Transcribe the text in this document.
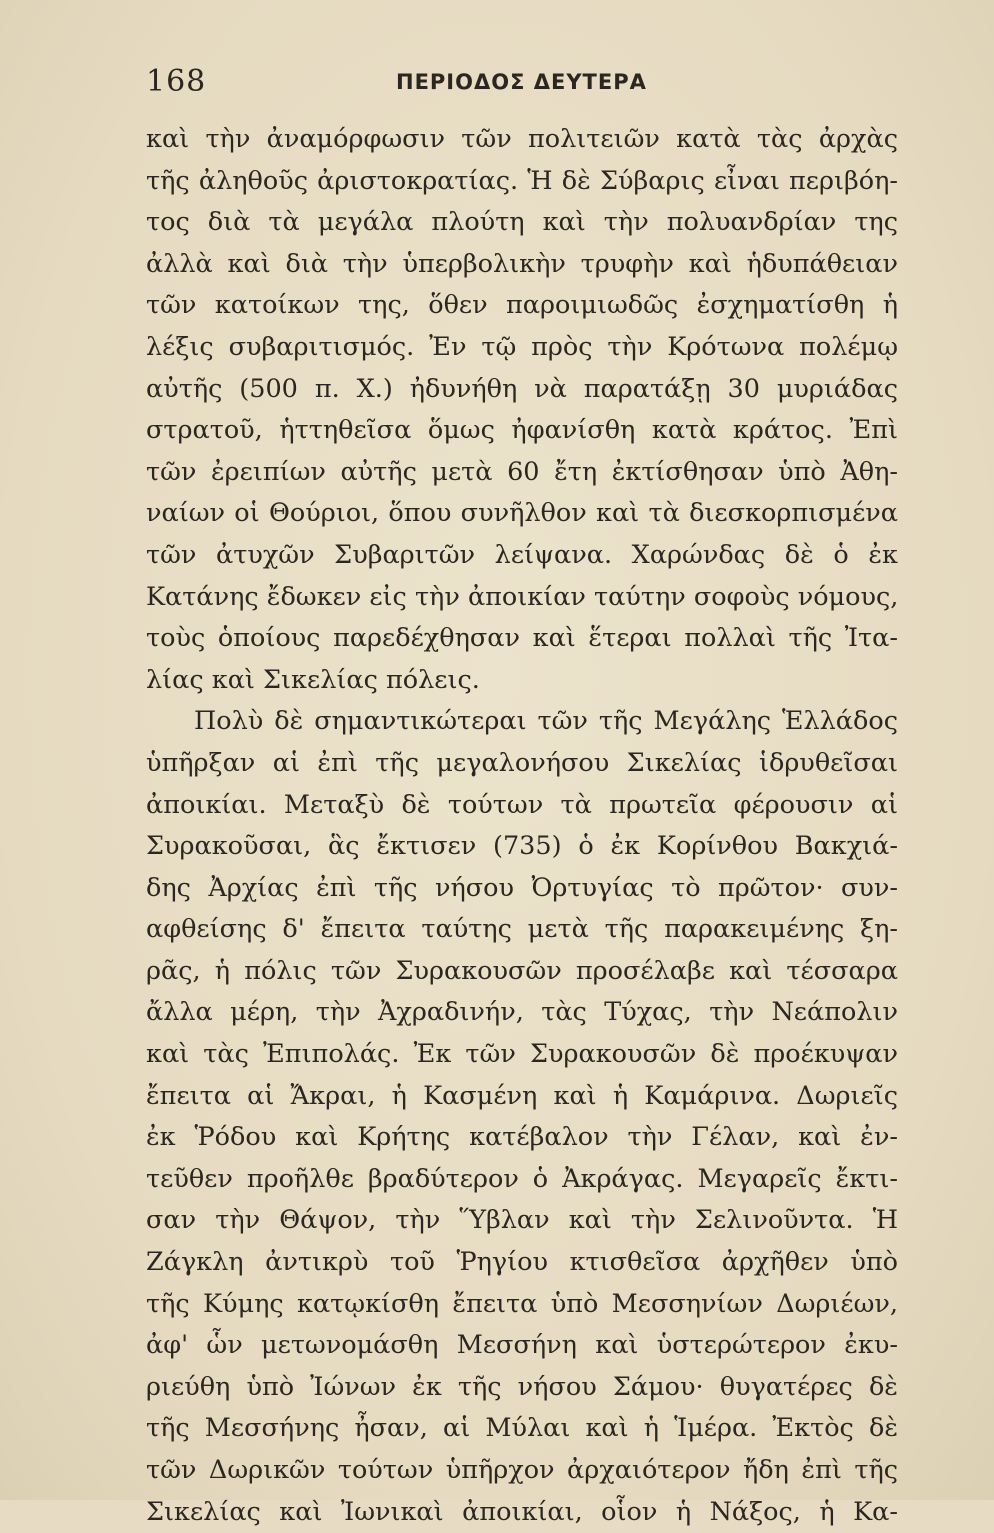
168	ΠΕΡΙΟΔΟΣ ΔΕΥΤΕΡΑ
καὶ τὴν ἀναμόρφωσιν τῶν πολιτειῶν κατὰ τὰς ἀρχὰς
τῆς ἀληθοῦς ἀριστοκρατίας. Ἡ δὲ Σύβαρις εἶναι περιβόη-
τος διὰ τὰ μεγάλα πλούτη καὶ τὴν πολυανδρίαν της
ἀλλὰ καὶ διὰ τὴν ὑπερβολικὴν τρυφὴν καὶ ἡδυπάθειαν
τῶν κατοίκων της, ὅθεν παροιμιωδῶς ἐσχηματίσθη ἡ
λέξις συβαριτισμός. Ἐν τῷ πρὸς τὴν Κρότωνα πολέμῳ
αὐτῆς (500 π. Χ.) ἠδυνήθη νὰ παρατάξῃ 30 μυριάδας
στρατοῦ, ἡττηθεῖσα ὅμως ἠφανίσθη κατὰ κράτος. Ἐπὶ
τῶν ἐρειπίων αὐτῆς μετὰ 60 ἔτη ἐκτίσθησαν ὑπὸ Ἀθη-
ναίων οἱ Θούριοι, ὅπου συνῆλθον καὶ τὰ διεσκορπισμένα
τῶν ἀτυχῶν Συβαριτῶν λείψανα. Χαρώνδας δὲ ὁ ἐκ
Κατάνης ἔδωκεν εἰς τὴν ἀποικίαν ταύτην σοφοὺς νόμους,
τοὺς ὁποίους παρεδέχθησαν καὶ ἕτεραι πολλαὶ τῆς Ἰτα-
λίας καὶ Σικελίας πόλεις.
Πολὺ δὲ σημαντικώτεραι τῶν τῆς Μεγάλης Ἑλλάδος
ὑπῆρξαν αἱ ἐπὶ τῆς μεγαλονήσου Σικελίας ἱδρυθεῖσαι
ἀποικίαι. Μεταξὺ δὲ τούτων τὰ πρωτεῖα φέρουσιν αἱ
Συρακοῦσαι, ἃς ἔκτισεν (735) ὁ ἐκ Κορίνθου Βακχιά-
δης Ἀρχίας ἐπὶ τῆς νήσου Ὀρτυγίας τὸ πρῶτον· συν-
αφθείσης δ' ἔπειτα ταύτης μετὰ τῆς παρακειμένης ξη-
ρᾶς, ἡ πόλις τῶν Συρακουσῶν προσέλαβε καὶ τέσσαρα
ἄλλα μέρη, τὴν Ἀχραδινήν, τὰς Τύχας, τὴν Νεάπολιν
καὶ τὰς Ἐπιπολάς. Ἐκ τῶν Συρακουσῶν δὲ προέκυψαν
ἔπειτα αἱ Ἄκραι, ἡ Κασμένη καὶ ἡ Καμάρινα. Δωριεῖς
ἐκ Ῥόδου καὶ Κρήτης κατέβαλον τὴν Γέλαν, καὶ ἐν-
τεῦθεν προῆλθε βραδύτερον ὁ Ἀκράγας. Μεγαρεῖς ἔκτι-
σαν τὴν Θάψον, τὴν Ὕβλαν καὶ τὴν Σελινοῦντα. Ἡ
Ζάγκλη ἀντικρὺ τοῦ Ῥηγίου κτισθεῖσα ἀρχῆθεν ὑπὸ
τῆς Κύμης κατῳκίσθη ἔπειτα ὑπὸ Μεσσηνίων Δωριέων,
ἀφ' ὧν μετωνομάσθη Μεσσήνη καὶ ὑστερώτερον ἐκυ-
ριεύθη ὑπὸ Ἰώνων ἐκ τῆς νήσου Σάμου· θυγατέρες δὲ
τῆς Μεσσήνης ἦσαν, αἱ Μύλαι καὶ ἡ Ἱμέρα. Ἐκτὸς δὲ
τῶν Δωρικῶν τούτων ὑπῆρχον ἀρχαιότερον ἤδη ἐπὶ τῆς
Σικελίας καὶ Ἰωνικαὶ ἀποικίαι, οἷον ἡ Νάξος, ἡ Κα-
